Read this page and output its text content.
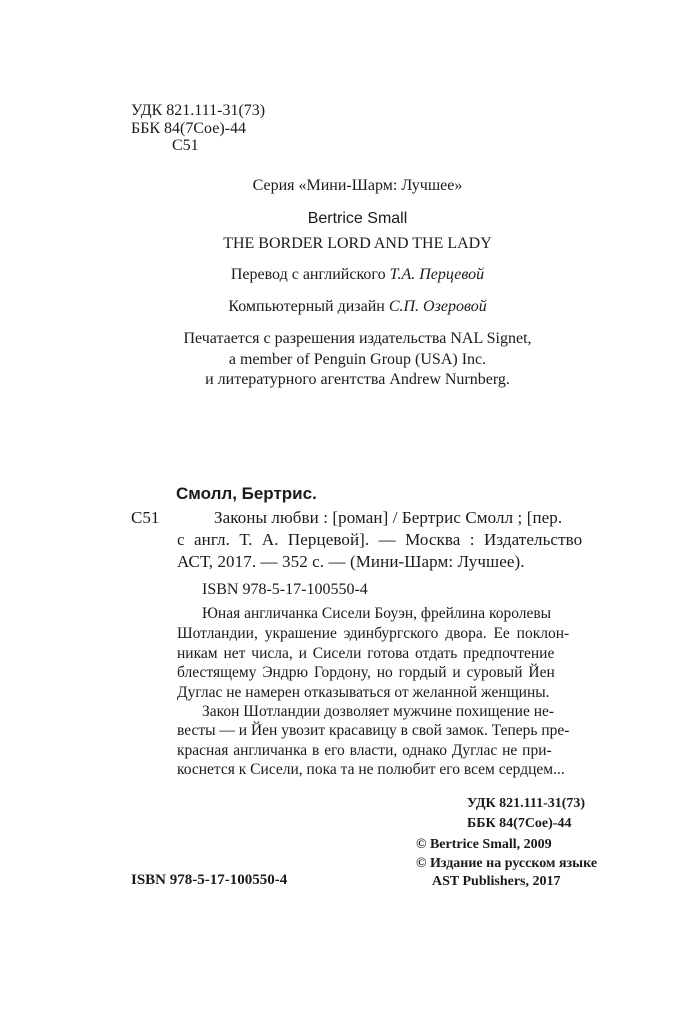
УДК 821.111-31(73)
ББК 84(7Сое)-44
С51
Серия «Мини-Шарм: Лучшее»
Bertrice Small
THE BORDER LORD AND THE LADY
Перевод с английского Т.А. Перцевой
Компьютерный дизайн С.П. Озеровой
Печатается с разрешения издательства NAL Signet,
a member of Penguin Group (USA) Inc.
и литературного агентства Andrew Nurnberg.
Смолл, Бертрис.
С51	Законы любви : [роман] / Бертрис Смолл ; [пер.
с англ. Т. А. Перцевой]. — Москва : Издательство
АСТ, 2017. — 352 с. — (Мини-Шарм: Лучшее).
ISBN 978-5-17-100550-4
Юная англичанка Сисели Боуэн, фрейлина королевы
Шотландии, украшение эдинбургского двора. Ее поклон-
никам нет числа, и Сисели готова отдать предпочтение
блестящему Эндрю Гордону, но гордый и суровый Йен
Дуглас не намерен отказываться от желанной женщины.
Закон Шотландии дозволяет мужчине похищение не-
весты — и Йен увозит красавицу в свой замок. Теперь пре-
красная англичанка в его власти, однако Дуглас не при-
коснется к Сисели, пока та не полюбит его всем сердцем...
УДК 821.111-31(73)
ББК 84(7Сое)-44
© Bertrice Small, 2009
© Издание на русском языке
AST Publishers, 2017
ISBN 978-5-17-100550-4
